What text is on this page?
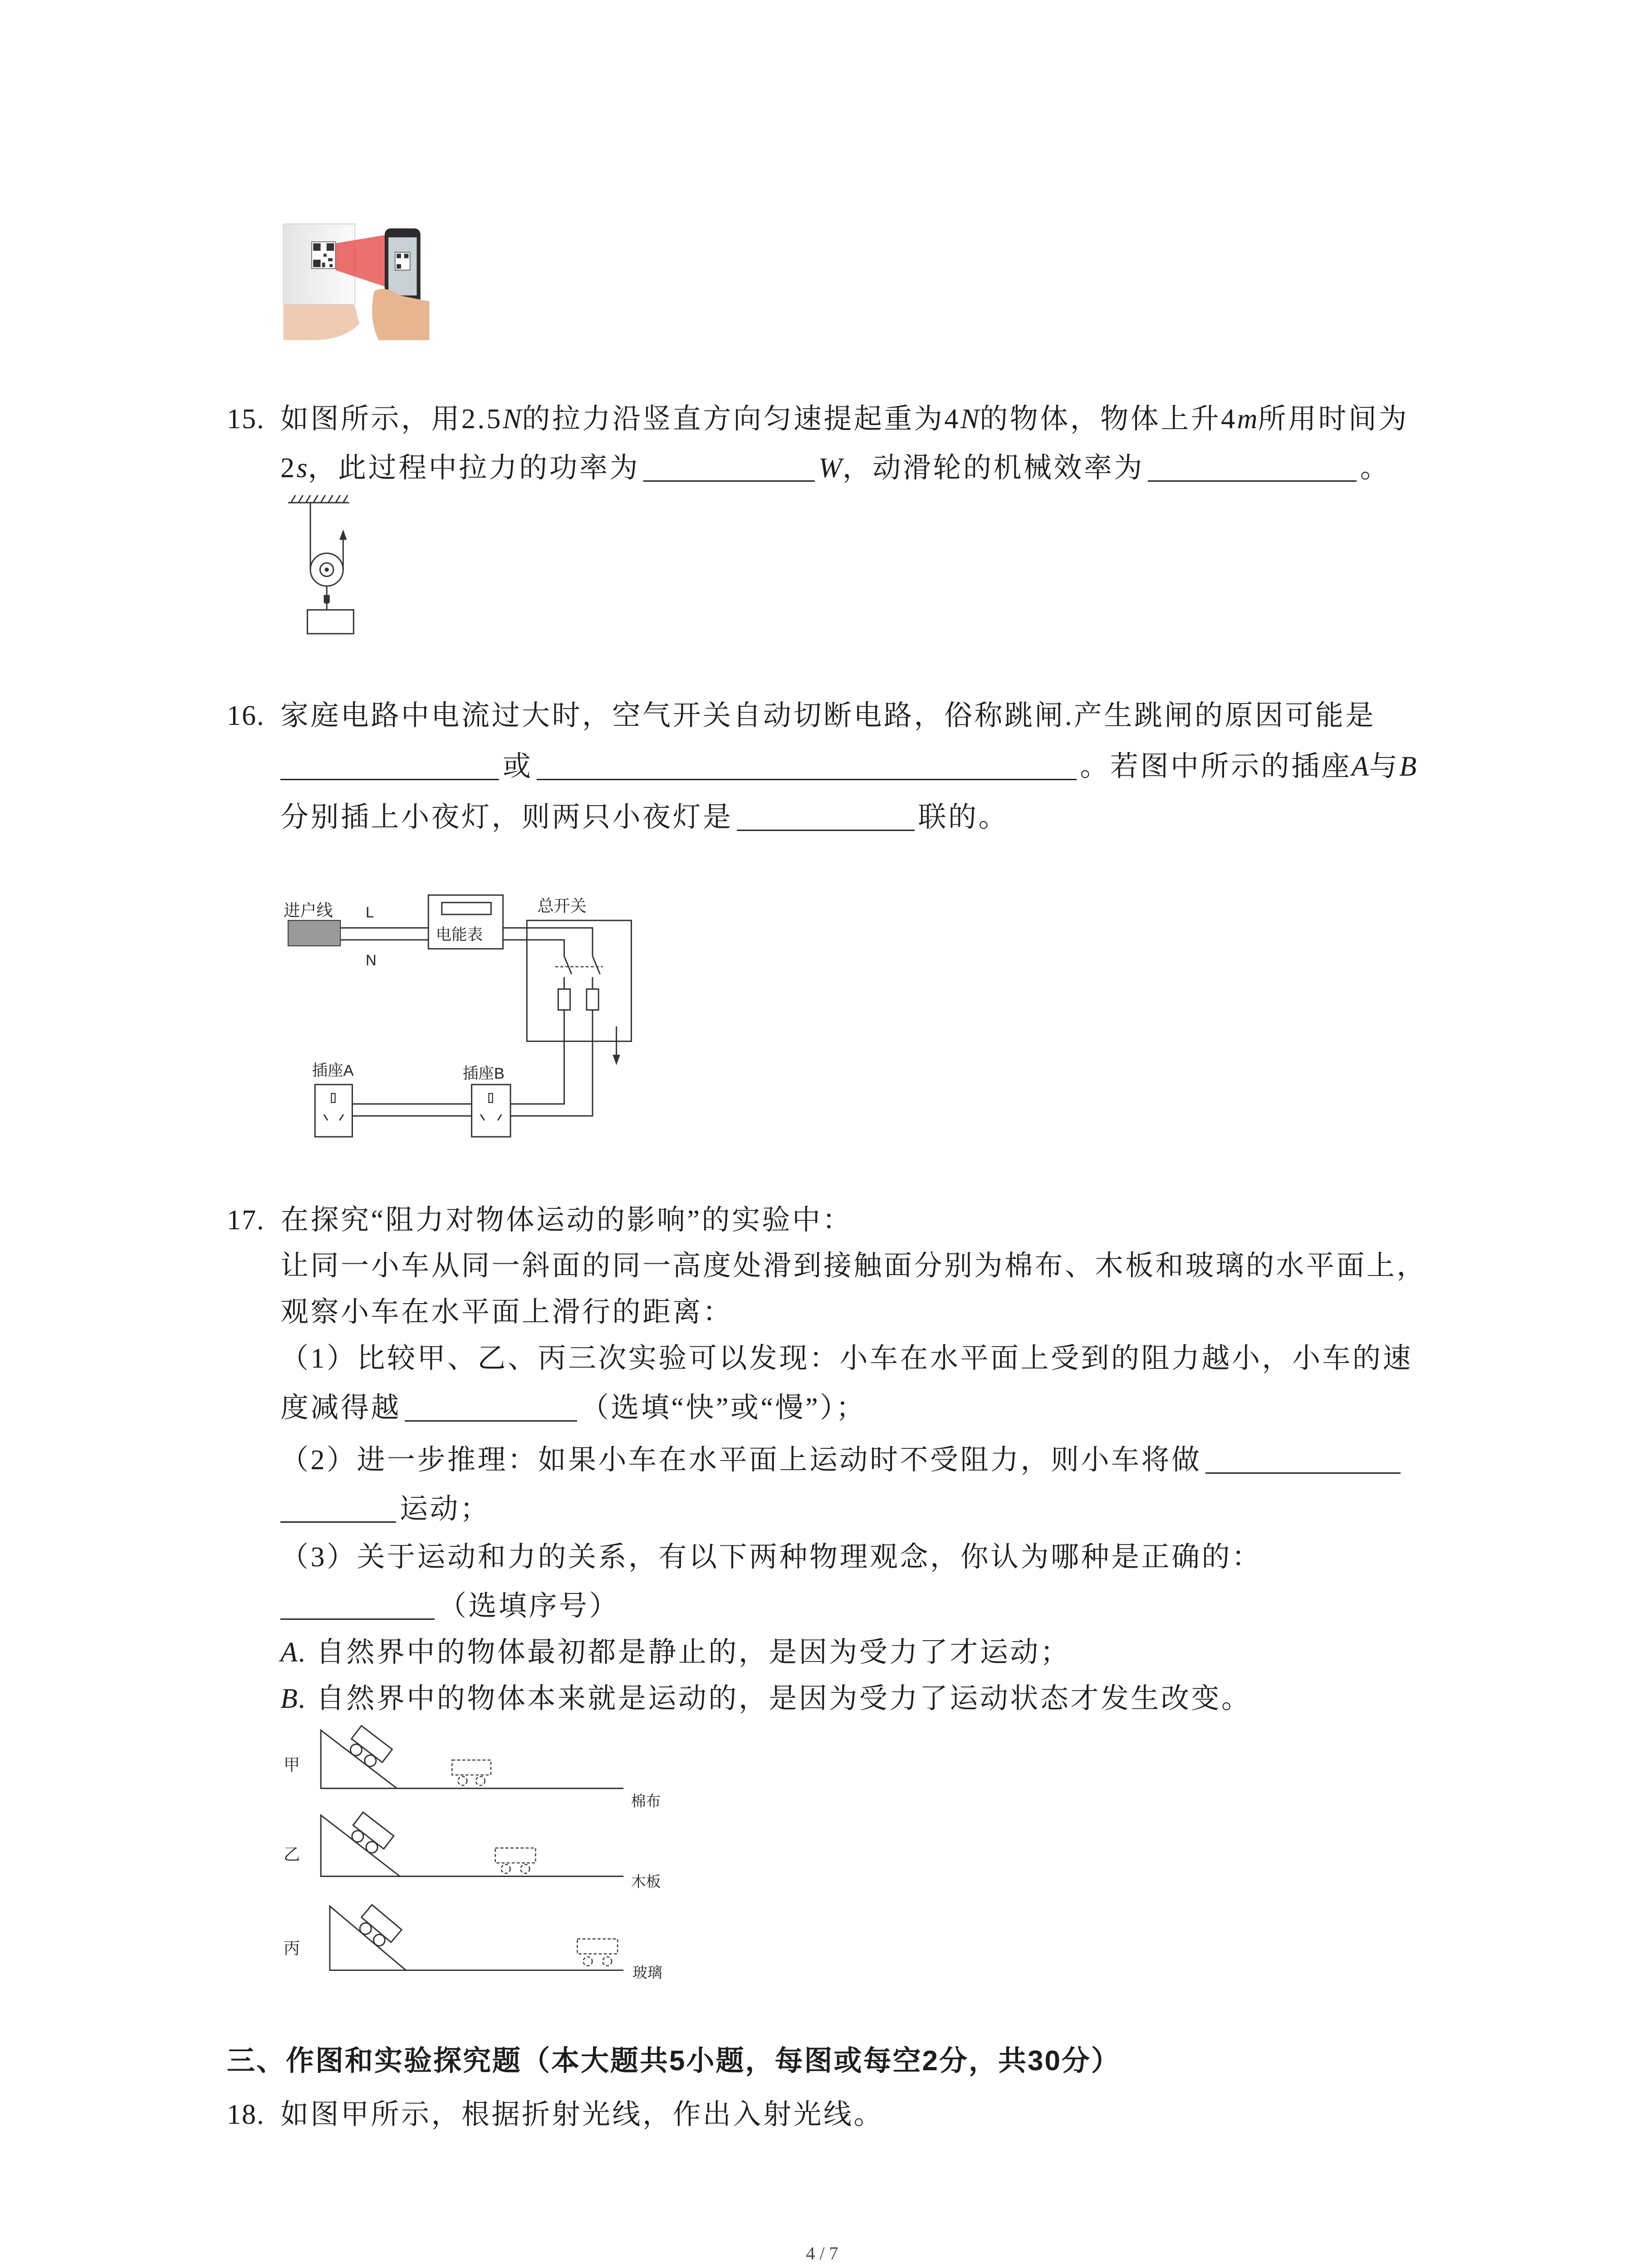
15. 如图所示，用2.5N的拉力沿竖直方向匀速提起重为4N的物体，物体上升4m所用时间为
2s，此过程中拉力的功率为	W，动滑轮的机械效率为	。
16. 家庭电路中电流过大时，空气开关自动切断电路，俗称跳闸.产生跳闸的原因可能是
或	。若图中所示的插座A与B
分别插上小夜灯，则两只小夜灯是	联的。
进户线	L
N
电能表
总开关
插座A	插座B
17. 在探究“阻力对物体运动的影响”的实验中：
让同一小车从同一斜面的同一高度处滑到接触面分别为棉布、木板和玻璃的水平面上，
观察小车在水平面上滑行的距离：
（1）比较甲、乙、丙三次实验可以发现：小车在水平面上受到的阻力越小，小车的速
度减得越	（选填“快”或“慢”）；
（2）进一步推理：如果小车在水平面上运动时不受阻力，则小车将做
运动；
（3）关于运动和力的关系，有以下两种物理观念，你认为哪种是正确的：
（选填序号）
A. 自然界中的物体最初都是静止的，是因为受力了才运动；
B. 自然界中的物体本来就是运动的，是因为受力了运动状态才发生改变。
甲
棉布
乙
木板
丙
玻璃
三、作图和实验探究题（本大题共5小题，每图或每空2分，共30分）
18. 如图甲所示，根据折射光线，作出入射光线。
4 / 7
